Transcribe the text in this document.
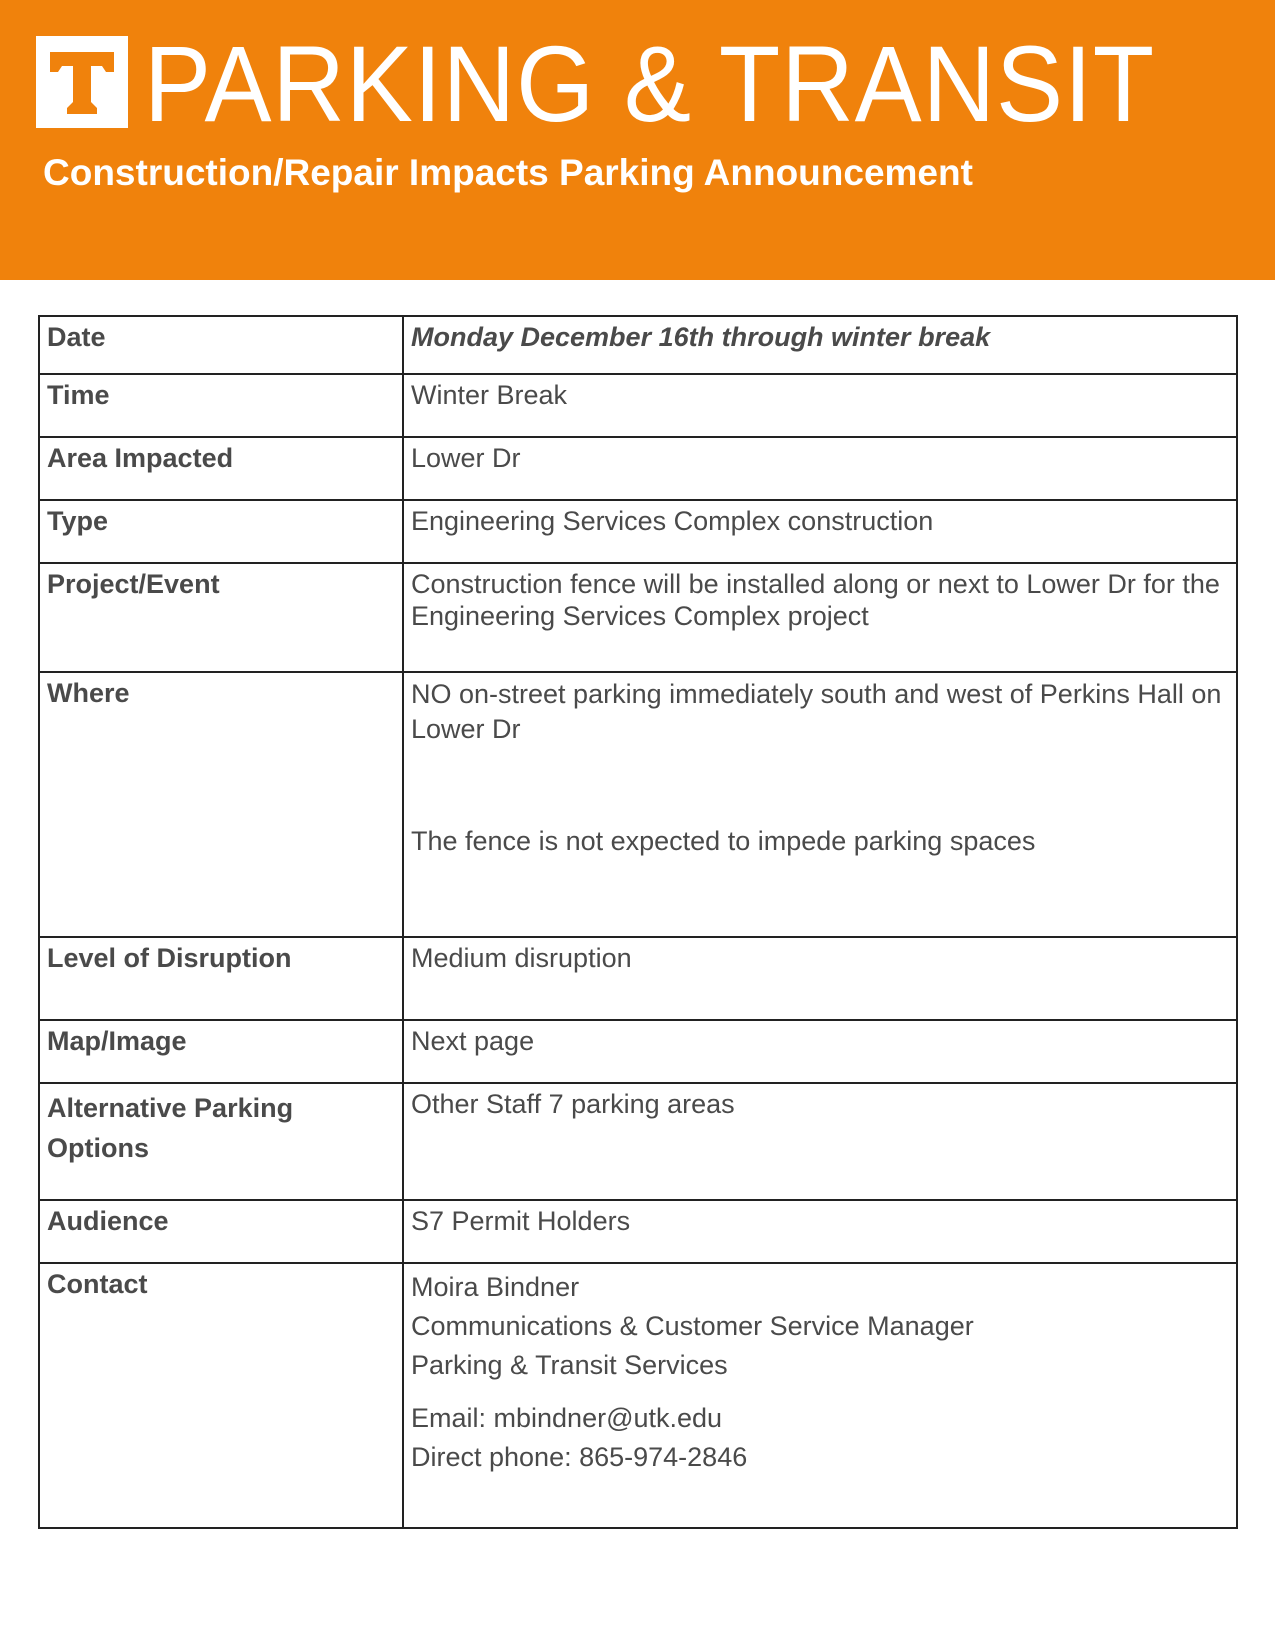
PARKING & TRANSIT
Construction/Repair Impacts Parking Announcement
Date	Monday December 16th through winter break
Time	Winter Break
Area Impacted	Lower Dr
Type	Engineering Services Complex construction
Project/Event	Construction fence will be installed along or next to Lower Dr for the Engineering Services Complex project
Where	NO on-street parking immediately south and west of Perkins Hall on Lower Dr
The fence is not expected to impede parking spaces

Level of Disruption	Medium disruption
Map/Image	Next page
Alternative Parking Options	Other Staff 7 parking areas
Audience	S7 Permit Holders
Contact	Moira Bindner
Communications & Customer Service Manager
Parking & Transit Services
Email: mbindner@utk.edu
Direct phone: 865-974-2846
